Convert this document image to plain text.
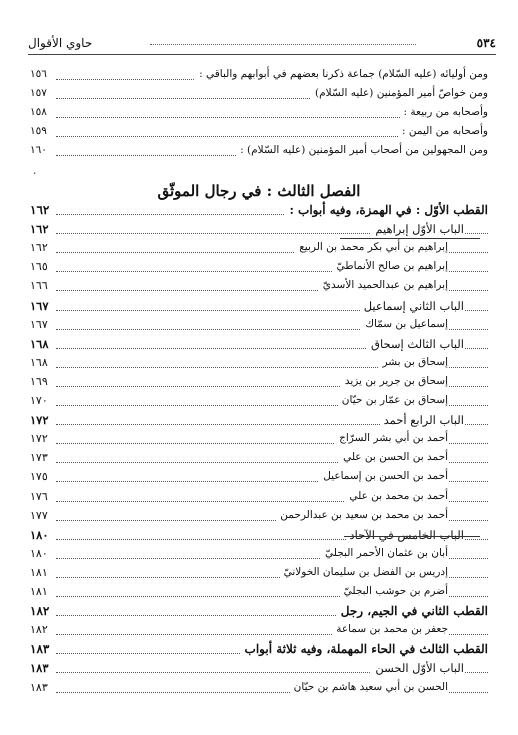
٥٣٤
حاوي الأقوال
ومن أوليائه (عليه السّلام) جماعة ذكرنا بعضهم في أبوابهم والباقي :
١٥٦
ومن خواصّ أمير المؤمنين (عليه السّلام)
١٥٧
وأصحابه من ربيعة :
١٥٨
وأصحابه من اليمن :
١٥٩
ومن المجهولين من أصحاب أمير المؤمنين (عليه السّلام) :
١٦٠
٠
الفصل الثالث : في رجال الموثّق
القطب الأوّل : في الهمزة، وفيه أبواب :
١٦٢
الباب الأوّل إبراهيم
١٦٢
إبراهيم بن أبي بكر محمد بن الربيع
١٦٢
إبراهيم بن صالح الأنماطيّ
١٦٥
إبراهيم بن عبدالحميد الأسديّ
١٦٦
الباب الثاني إسماعيل
١٦٧
إسماعيل بن سمّاك
١٦٧
الباب الثالث إسحاق
١٦٨
إسحاق بن بشر
١٦٨
إسحاق بن جرير بن يزيد
١٦٩
إسحاق بن عمّار بن حيّان
١٧٠
الباب الرابع أحمد
١٧٢
أحمد بن أبي بشر السرّاج
١٧٢
أحمد بن الحسن بن علي
١٧٣
أحمد بن الحسن بن إسماعيل
١٧٥
أحمد بن محمد بن علي
١٧٦
أحمد بن محمد بن سعيد بن عبدالرحمن
١٧٧
الباب الخامس في الآحاد
١٨٠
أبان بن عثمان الأحمر البجليّ
١٨٠
إدريس بن الفضل بن سليمان الخولانيّ
١٨١
أضرم بن حوشب البجليّ
١٨١
القطب الثاني في الجيم، رجل
١٨٢
جعفر بن محمد بن سماعة
١٨٢
القطب الثالث في الحاء المهملة، وفيه ثلاثة أبواب
١٨٣
الباب الأوّل الحسن
١٨٣
الحسن بن أبي سعيد هاشم بن حيّان
١٨٣
